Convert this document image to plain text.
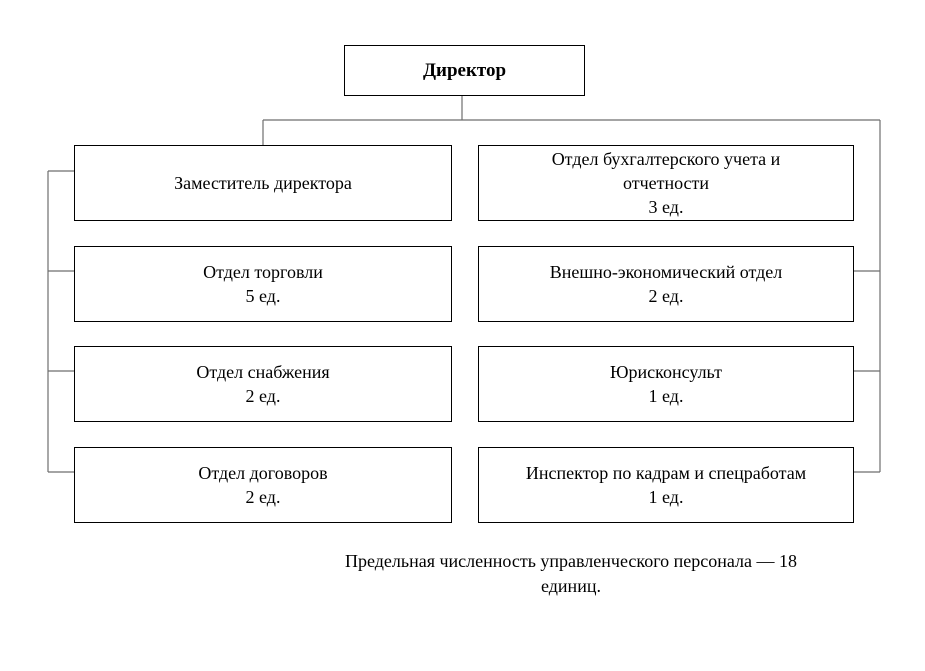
Директор
Заместитель директора
Отдел торговли
5 ед.
Отдел снабжения
2 ед.
Отдел договоров
2 ед.
Отдел бухгалтерского учета и
отчетности
3 ед.
Внешно-экономический отдел
2 ед.
Юрисконсульт
1 ед.
Инспектор по кадрам и спецработам
1 ед.
Предельная численность управленческого персонала — 18
единиц.
